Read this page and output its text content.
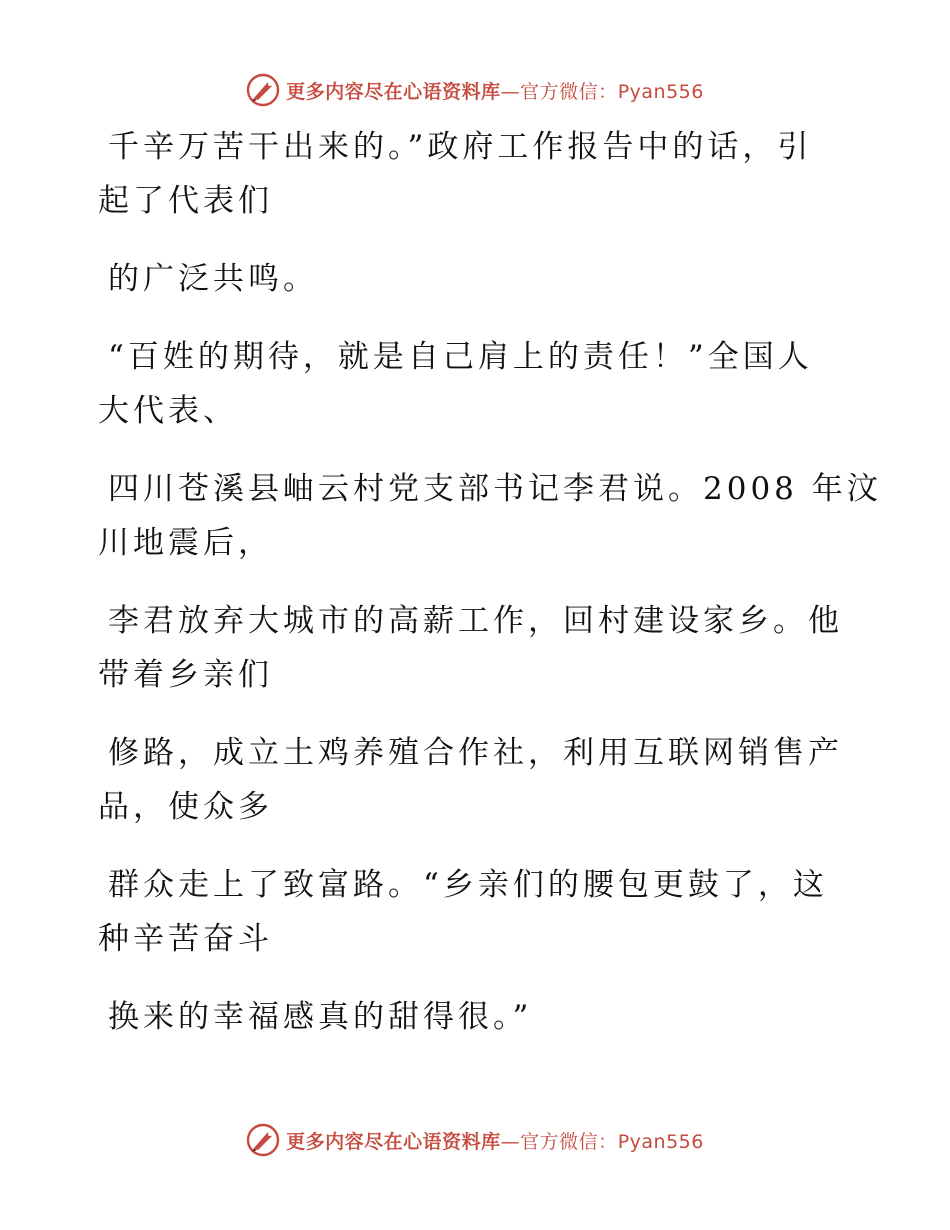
更多内容尽在心语资料库—官方微信：Pyan556

千辛万苦干出来的。”政府工作报告中的话，引
起了代表们

的广泛共鸣。

“百姓的期待，就是自己肩上的责任！”全国人
大代表、

四川苍溪县岫云村党支部书记李君说。2008 年汶
川地震后，

李君放弃大城市的高薪工作，回村建设家乡。他
带着乡亲们

修路，成立土鸡养殖合作社，利用互联网销售产
品，使众多

群众走上了致富路。“乡亲们的腰包更鼓了，这
种辛苦奋斗

换来的幸福感真的甜得很。”

更多内容尽在心语资料库—官方微信：Pyan556
